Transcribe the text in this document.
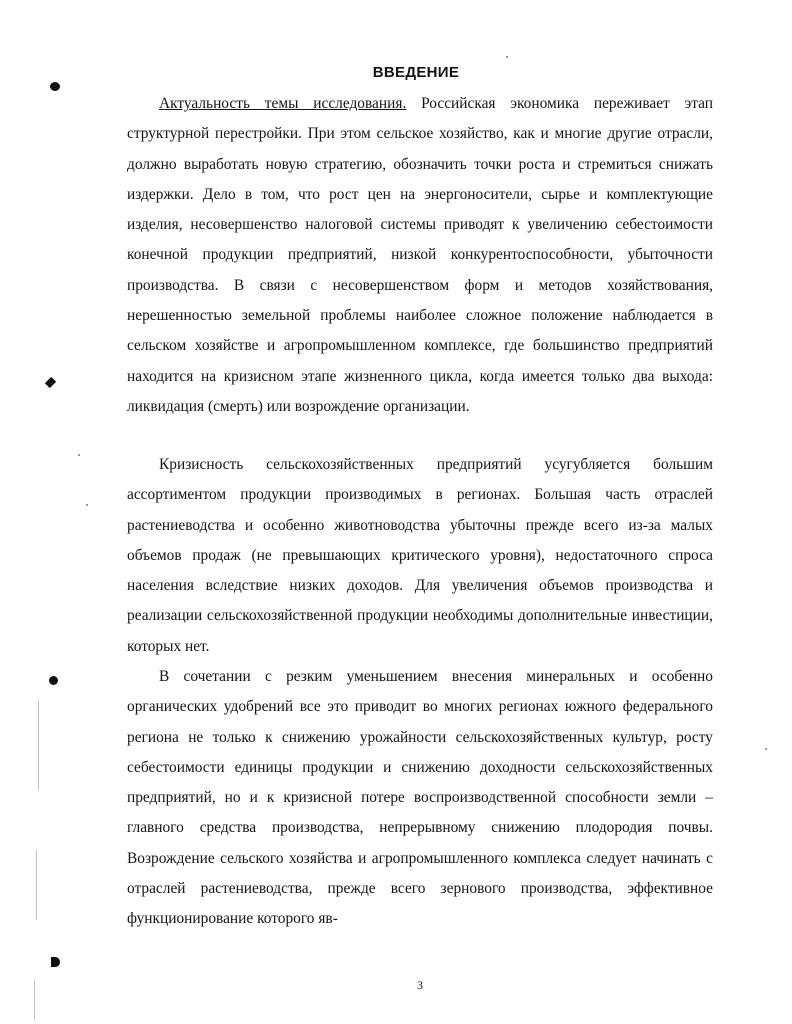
ВВЕДЕНИЕ

Актуальность темы исследования. Российская экономика переживает этап структурной перестройки. При этом сельское хозяйство, как и многие другие отрасли, должно выработать новую стратегию, обозначить точки роста и стремиться снижать издержки. Дело в том, что рост цен на энергоносители, сырье и комплектующие изделия, несовершенство налоговой системы приводят к увеличению себестоимости конечной продукции предприятий, низкой конкурентоспособности, убыточности производства. В связи с несовершенством форм и методов хозяйствования, нерешенностью земельной проблемы наиболее сложное положение наблюдается в сельском хозяйстве и агропромышленном комплексе, где большинство предприятий находится на кризисном этапе жизненного цикла, когда имеется только два выхода: ликвидация (смерть) или возрождение организации.

Кризисность сельскохозяйственных предприятий усугубляется большим ассортиментом продукции производимых в регионах. Большая часть отраслей растениеводства и особенно животноводства убыточны прежде всего из-за малых объемов продаж (не превышающих критического уровня), недостаточного спроса населения вследствие низких доходов. Для увеличения объемов производства и реализации сельскохозяйственной продукции необходимы дополнительные инвестиции, которых нет.

В сочетании с резким уменьшением внесения минеральных и особенно органических удобрений все это приводит во многих регионах южного федерального региона не только к снижению урожайности сельскохозяйственных культур, росту себестоимости единицы продукции и снижению доходности сельскохозяйственных предприятий, но и к кризисной потере воспроизводственной способности земли – главного средства производства, непрерывному снижению плодородия почвы. Возрождение сельского хозяйства и агропромышленного комплекса следует начинать с отраслей растениеводства, прежде всего зернового производства, эффективное функционирование которого яв-

3
